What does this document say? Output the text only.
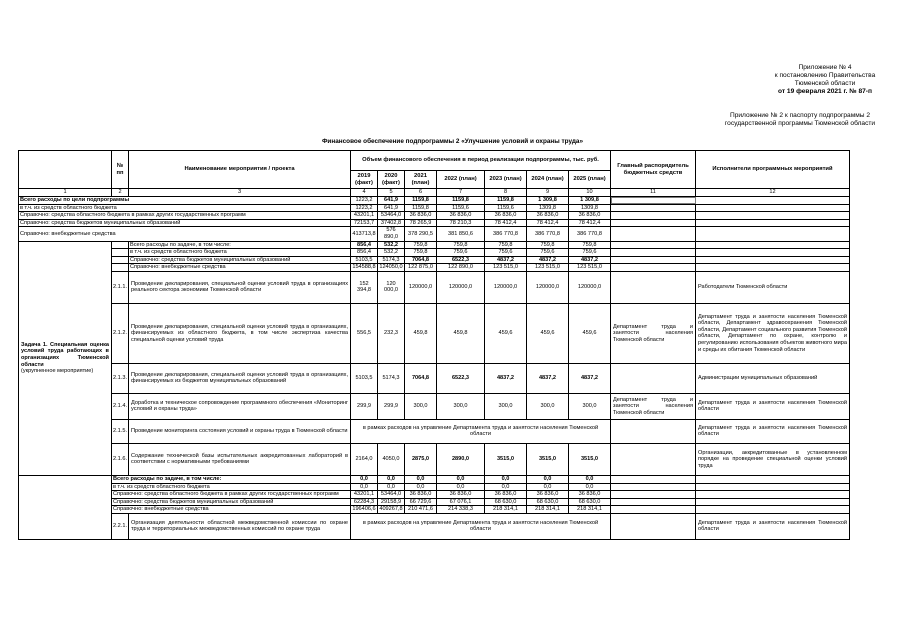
Приложение № 4
к постановлению Правительства
Тюменской области
от 19 февраля 2021 г. № 87-п
Приложение № 2 к паспорту подпрограммы 2
государственной программы Тюменской области
Финансовое обеспечение подпрограммы 2 «Улучшение условий и охраны труда»
	№ пп	Наименование мероприятия / проекта	Объем финансового обеспечения в период реализации подпрограммы, тыс. руб.							Главный распорядитель бюджетных средств	Исполнители программных мероприятий
			2019 (факт)	2020 (факт)	2021 (план)	2022 (план)	2023 (план)	2024 (план)	2025 (план)		
1	2	3	4	5	6	7	8	9	10	11	12
Всего расходы по цели подпрограммы			1223,2	641,9	1159,8	1159,8	1159,8	1 309,8	1 309,8		
в т.ч. из средств областного бюджета			1223,2	641,9	1159,8	1159,6	1159,6	1309,8	1309,8		
Справочно: средства областного бюджета в рамках других государственных программ			43201,1	53464,0	36 836,0	36 836,0	36 836,0	36 836,0	36 836,0		
Справочно: средства бюджетов муниципальных образований			72153,7	37402,8	78 265,9	78 210,3	78 412,4	78 412,4	78 412,4		
Справочно: внебюджетные средства			413713,8	576 890,0	378 290,5	381 850,6	386 770,8	386 770,8	386 770,8		

Задача 1. Специальная оценка условий труда работающих в организациях Тюменской области
(укрупненное мероприятие)		Всего расходы по задаче, в том числе:	856,4	532,2	759,8	759,8	759,8	759,8	759,8		
		в т.ч. из средств областного бюджета	856,4	532,2	759,8	759,6	759,6	759,6	759,6		
		Справочно: средства бюджетов муниципальных образований	5103,5	5174,3	7064,8	6522,3	4837,2	4837,2	4837,2		
		Справочно: внебюджетные средства	154588,8	124050,0	122 875,0	122 890,0	123 515,0	123 515,0	123 515,0		
	2.1.1.	Проведение декларирования, специальной оценки условий труда в организациях реального сектора экономики Тюменской области	152 394,8	120 000,0	120000,0	120000,0	120000,0	120000,0	120000,0		Работодатели Тюменской области
	2.1.2.	Проведение декларирования, специальной оценки условий труда в организациях, финансируемых из областного бюджета, в том числе экспертиза качества специальной оценки условий труда	556,5	232,3	459,8	459,8	459,6	459,6	459,6	Департамент труда и занятости населения Тюменской области	Департамент труда и занятости населения Тюменской области, Департамент здравоохранения Тюменской области, Департамент социального развития Тюменской области, Департамент по охране, контролю и регулированию использования объектов животного мира и среды их обитания Тюменской области
	2.1.3.	Проведение декларирования, специальной оценки условий труда в организациях, финансируемых из бюджетов муниципальных образований	5103,5	5174,3	7064,8	6522,3	4837,2	4837,2	4837,2		Администрации муниципальных образований
	2.1.4.	Доработка и техническое сопровождение программного обеспечения «Мониторинг условий и охраны труда»	299,9	299,9	300,0	300,0	300,0	300,0	300,0	Департамент труда и занятости населения Тюменской области	Департамент труда и занятости населения Тюменской области
	2.1.5.	Проведение мониторинга состояния условий и охраны труда в Тюменской области	в рамках расходов на управление Департамента труда и занятости населения Тюменской области								Департамент труда и занятости населения Тюменской области
	2.1.6.	Содержание технической базы испытательных аккредитованных лабораторий в соответствии с нормативными требованиями	2164,0	4050,0	2875,0	2890,0	3515,0	3515,0	3515,0		Организации, аккредитованные в установленном порядке на проведение специальной оценки условий труда
	Всего расходы по задаче, в том числе:		0,0	0,0	0,0	0,0	0,0	0,0	0,0		
	в т.ч. из средств областного бюджета		0,0	0,0	0,0	0,0	0,0	0,0	0,0		
	Справочно: средства областного бюджета в рамках других государственных программ		43201,1	53464,0	36 836,0	36 836,0	36 836,0	36 836,0	36 836,0		
	Справочно: средства бюджетов муниципальных образований		62284,3	29158,9	66 729,6	67 076,1	68 630,0	68 630,0	68 630,0		
	Справочно: внебюджетные средства		196406,6	409267,8	210 471,6	214 338,3	218 314,1	218 314,1	218 314,1		
	2.2.1.	Организация деятельности областной межведомственной комиссии по охране труда и территориальных межведомственных комиссий по охране труда	в рамках расходов на управление Департамента труда и занятости населения Тюменской области								Департамент труда и занятости населения Тюменской области
